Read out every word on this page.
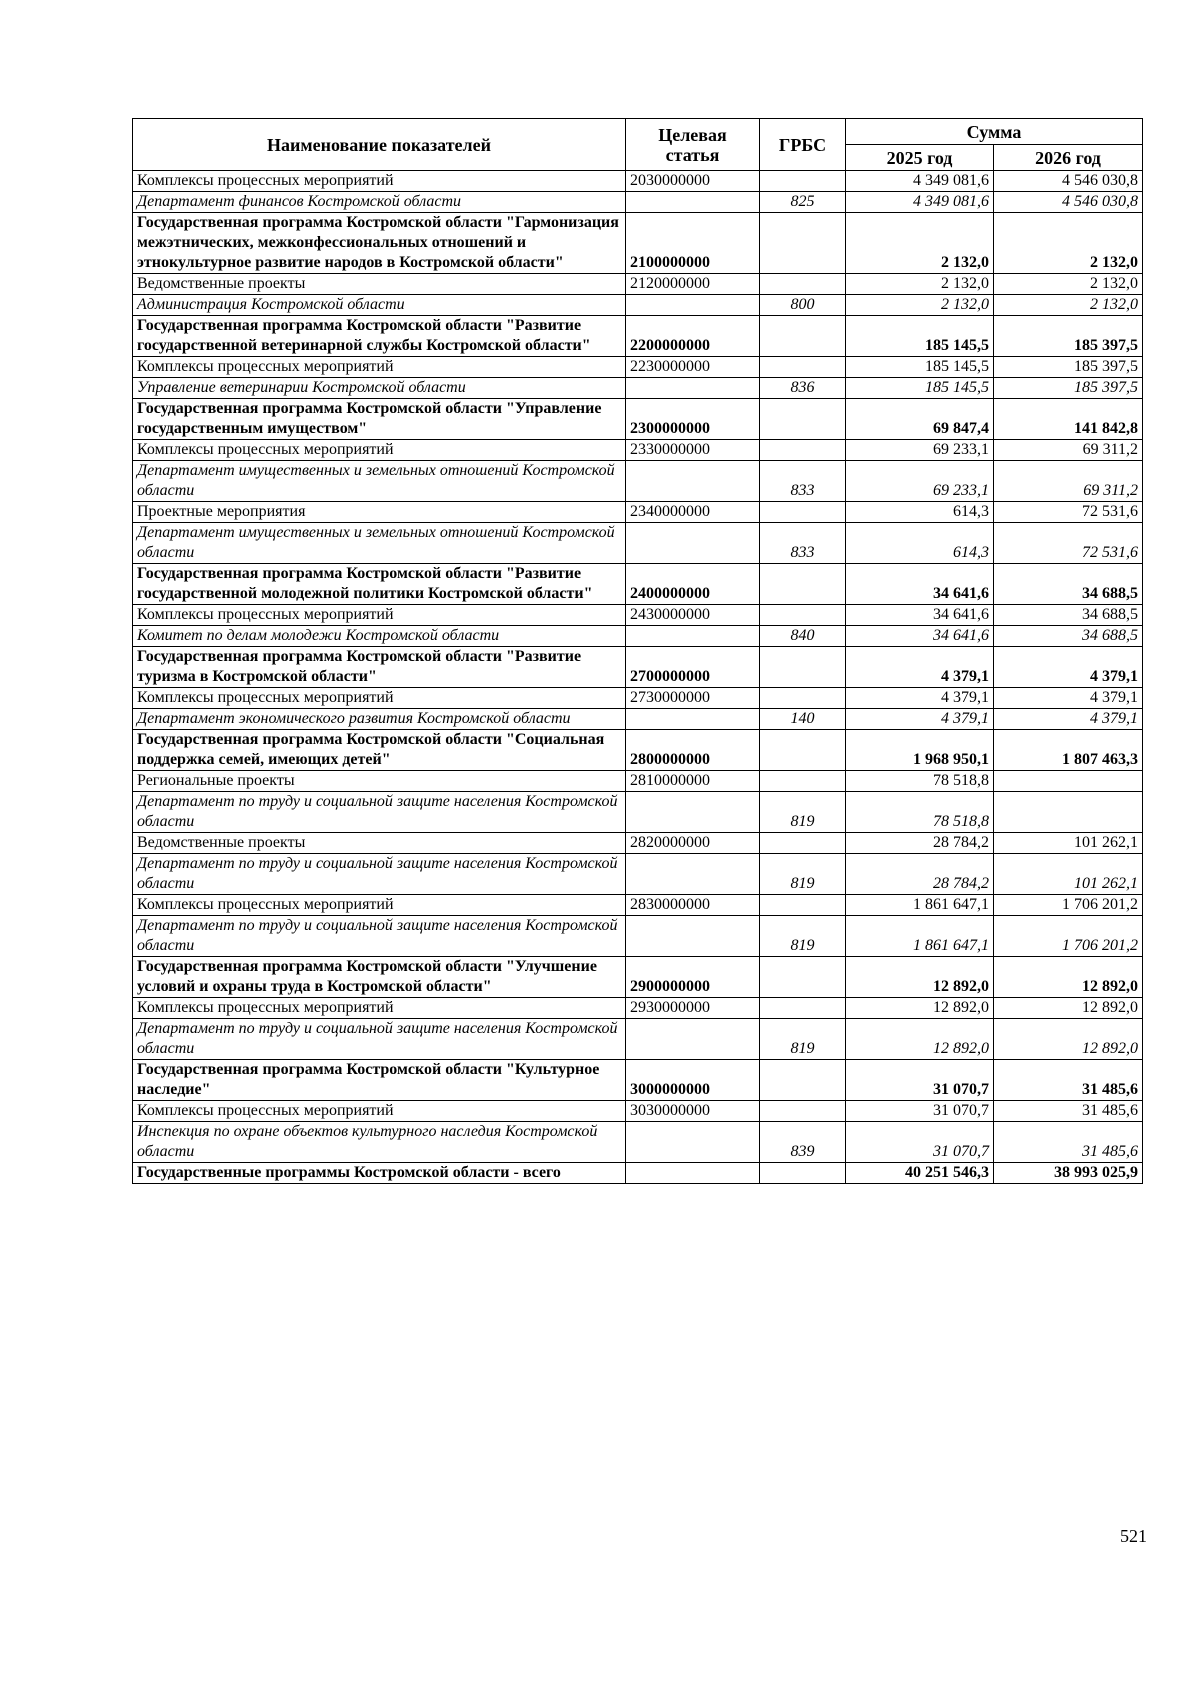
Наименование показателей	Целевая статья	ГРБС	Сумма	
			2025 год	2026 год
Комплексы процессных мероприятий	2030000000		4 349 081,6	4 546 030,8
Департамент финансов Костромской области		825	4 349 081,6	4 546 030,8
Государственная программа Костромской области "Гармонизация межэтнических, межконфессиональных отношений и этнокультурное развитие народов в Костромской области"	2100000000		2 132,0	2 132,0
Ведомственные проекты	2120000000		2 132,0	2 132,0
Администрация Костромской области		800	2 132,0	2 132,0
Государственная программа Костромской области "Развитие государственной ветеринарной службы Костромской области"	2200000000		185 145,5	185 397,5
Комплексы процессных мероприятий	2230000000		185 145,5	185 397,5
Управление ветеринарии Костромской области		836	185 145,5	185 397,5
Государственная программа Костромской области "Управление государственным имуществом"	2300000000		69 847,4	141 842,8
Комплексы процессных мероприятий	2330000000		69 233,1	69 311,2
Департамент имущественных и земельных отношений Костромской области		833	69 233,1	69 311,2
Проектные мероприятия	2340000000		614,3	72 531,6
Департамент имущественных и земельных отношений Костромской области		833	614,3	72 531,6
Государственная программа Костромской области "Развитие государственной молодежной политики Костромской области"	2400000000		34 641,6	34 688,5
Комплексы процессных мероприятий	2430000000		34 641,6	34 688,5
Комитет по делам молодежи Костромской области		840	34 641,6	34 688,5
Государственная программа Костромской области "Развитие туризма в Костромской области"	2700000000		4 379,1	4 379,1
Комплексы процессных мероприятий	2730000000		4 379,1	4 379,1
Департамент экономического развития Костромской области		140	4 379,1	4 379,1
Государственная программа Костромской области "Социальная поддержка семей, имеющих детей"	2800000000		1 968 950,1	1 807 463,3
Региональные проекты	2810000000		78 518,8	
Департамент по труду и социальной защите населения Костромской области		819	78 518,8	
Ведомственные проекты	2820000000		28 784,2	101 262,1
Департамент по труду и социальной защите населения Костромской области		819	28 784,2	101 262,1
Комплексы процессных мероприятий	2830000000		1 861 647,1	1 706 201,2
Департамент по труду и социальной защите населения Костромской области		819	1 861 647,1	1 706 201,2
Государственная программа Костромской области "Улучшение условий и охраны труда в Костромской области"	2900000000		12 892,0	12 892,0
Комплексы процессных мероприятий	2930000000		12 892,0	12 892,0
Департамент по труду и социальной защите населения Костромской области		819	12 892,0	12 892,0
Государственная программа Костромской области "Культурное наследие"	3000000000		31 070,7	31 485,6
Комплексы процессных мероприятий	3030000000		31 070,7	31 485,6
Инспекция по охране объектов культурного наследия Костромской области		839	31 070,7	31 485,6
Государственные программы Костромской области - всего			40 251 546,3	38 993 025,9
521
